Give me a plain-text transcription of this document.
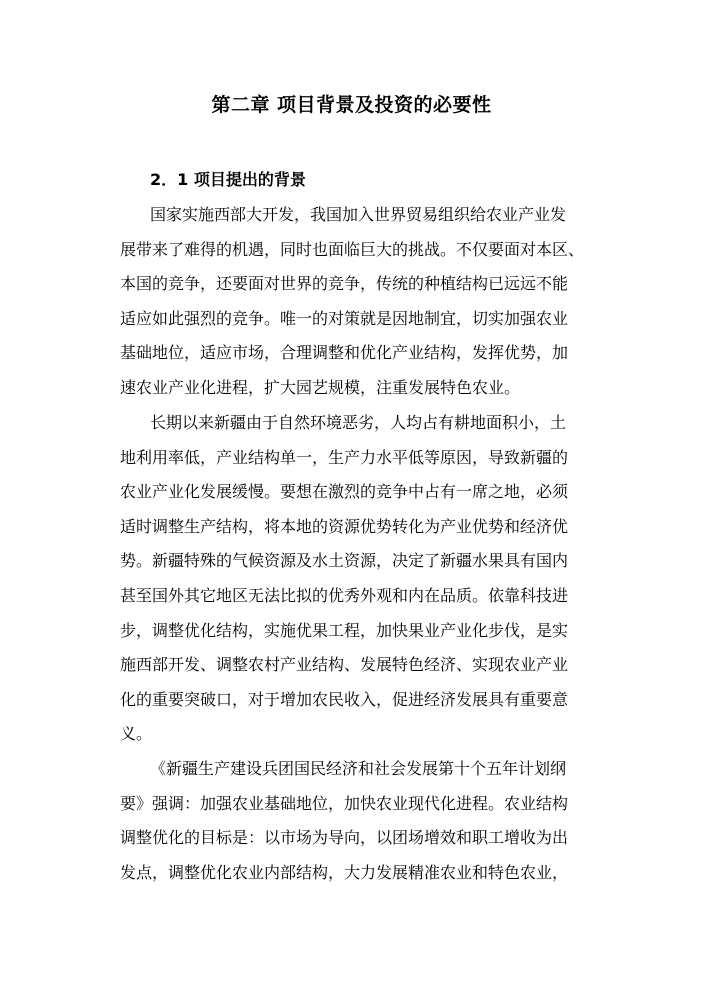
第二章 项目背景及投资的必要性
2．1 项目提出的背景
国家实施西部大开发，我国加入世界贸易组织给农业产业发
展带来了难得的机遇，同时也面临巨大的挑战。不仅要面对本区、
本国的竞争，还要面对世界的竞争，传统的种植结构已远远不能
适应如此强烈的竞争。唯一的对策就是因地制宜，切实加强农业
基础地位，适应市场，合理调整和优化产业结构，发挥优势，加
速农业产业化进程，扩大园艺规模，注重发展特色农业。
长期以来新疆由于自然环境恶劣，人均占有耕地面积小，土
地利用率低，产业结构单一，生产力水平低等原因，导致新疆的
农业产业化发展缓慢。要想在激烈的竞争中占有一席之地，必须
适时调整生产结构，将本地的资源优势转化为产业优势和经济优
势。新疆特殊的气候资源及水土资源，决定了新疆水果具有国内
甚至国外其它地区无法比拟的优秀外观和内在品质。依靠科技进
步，调整优化结构，实施优果工程，加快果业产业化步伐，是实
施西部开发、调整农村产业结构、发展特色经济、实现农业产业
化的重要突破口，对于增加农民收入，促进经济发展具有重要意
义。
《新疆生产建设兵团国民经济和社会发展第十个五年计划纲
要》强调：加强农业基础地位，加快农业现代化进程。农业结构
调整优化的目标是：以市场为导向，以团场增效和职工增收为出
发点，调整优化农业内部结构，大力发展精准农业和特色农业，
